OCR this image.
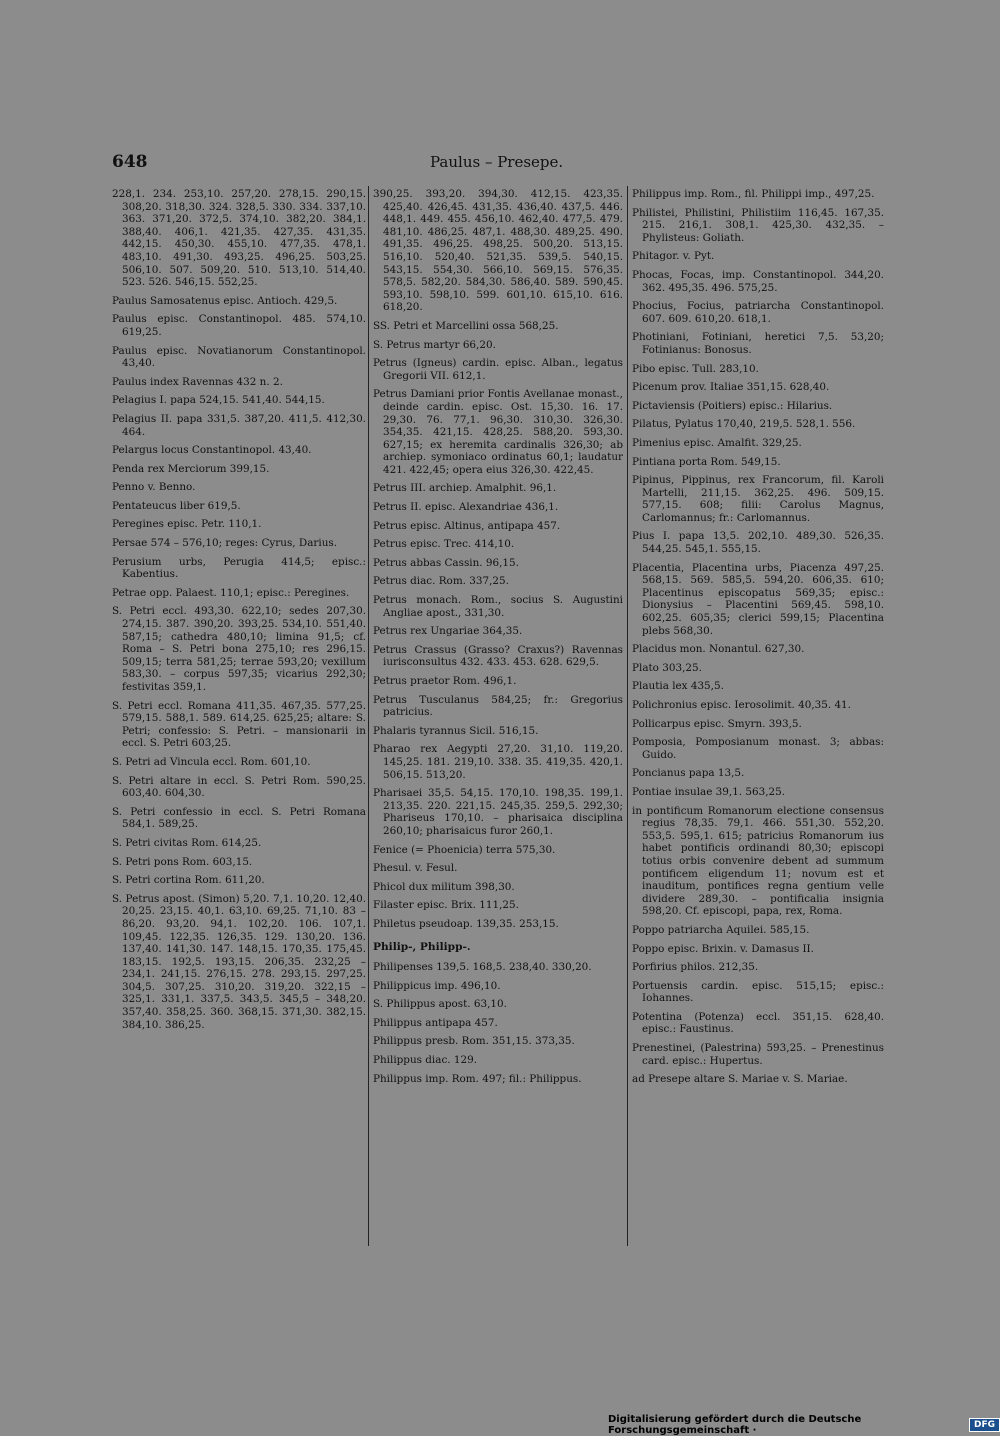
648	Paulus – Presepe.
228,1. 234. 253,10. 257,20. 278,15. 290,15. 308,20. 318,30. 324. 328,5. 330. 334. 337,10. 363. 371,20. 372,5. 374,10. 382,20. 384,1. 388,40. 406,1. 421,35. 427,35. 431,35. 442,15. 450,30. 455,10. 477,35. 478,1. 483,10. 491,30. 493,25. 496,25. 503,25. 506,10. 507. 509,20. 510. 513,10. 514,40. 523. 526. 546,15. 552,25.
Paulus Samosatenus episc. Antioch. 429,5.
Paulus episc. Constantinopol. 485. 574,10. 619,25.
Paulus episc. Novatianorum Constantinopol. 43,40.
Paulus index Ravennas 432 n. 2.
Pelagius I. papa 524,15. 541,40. 544,15.
Pelagius II. papa 331,5. 387,20. 411,5. 412,30. 464.
Pelargus locus Constantinopol. 43,40.
Penda rex Merciorum 399,15.
Penno v. Benno.
Pentateucus liber 619,5.
Peregines episc. Petr. 110,1.
Persae 574 – 576,10; reges: Cyrus, Darius.
Perusium urbs, Perugia 414,5; episc.: Kabentius.
Petrae opp. Palaest. 110,1; episc.: Peregines.
S. Petri eccl. 493,30. 622,10; sedes 207,30. 274,15. 387. 390,20. 393,25. 534,10. 551,40. 587,15; cathedra 480,10; limina 91,5; cf. Roma – S. Petri bona 275,10; res 296,15. 509,15; terra 581,25; terrae 593,20; vexillum 583,30. – corpus 597,35; vicarius 292,30; festivitas 359,1.
S. Petri eccl. Romana 411,35. 467,35. 577,25. 579,15. 588,1. 589. 614,25. 625,25; altare: S. Petri; confessio: S. Petri. – mansionarii in eccl. S. Petri 603,25.
S. Petri ad Vincula eccl. Rom. 601,10.
S. Petri altare in eccl. S. Petri Rom. 590,25. 603,40. 604,30.
S. Petri confessio in eccl. S. Petri Romana 584,1. 589,25.
S. Petri civitas Rom. 614,25.
S. Petri pons Rom. 603,15.
S. Petri cortina Rom. 611,20.
S. Petrus apost. (Simon) 5,20. 7,1. 10,20. 12,40. 20,25. 23,15. 40,1. 63,10. 69,25. 71,10. 83 – 86,20. 93,20. 94,1. 102,20. 106. 107,1. 109,45. 122,35. 126,35. 129. 130,20. 136. 137,40. 141,30. 147. 148,15. 170,35. 175,45. 183,15. 192,5. 193,15. 206,35. 232,25 – 234,1. 241,15. 276,15. 278. 293,15. 297,25. 304,5. 307,25. 310,20. 319,20. 322,15 – 325,1. 331,1. 337,5. 343,5. 345,5 – 348,20. 357,40. 358,25. 360. 368,15. 371,30. 382,15. 384,10. 386,25.
390,25. 393,20. 394,30. 412,15. 423,35. 425,40. 426,45. 431,35. 436,40. 437,5. 446. 448,1. 449. 455. 456,10. 462,40. 477,5. 479. 481,10. 486,25. 487,1. 488,30. 489,25. 490. 491,35. 496,25. 498,25. 500,20. 513,15. 516,10. 520,40. 521,35. 539,5. 540,15. 543,15. 554,30. 566,10. 569,15. 576,35. 578,5. 582,20. 584,30. 586,40. 589. 590,45. 593,10. 598,10. 599. 601,10. 615,10. 616. 618,20.
SS. Petri et Marcellini ossa 568,25.
S. Petrus martyr 66,20.
Petrus (Igneus) cardin. episc. Alban., legatus Gregorii VII. 612,1.
Petrus Damiani prior Fontis Avellanae monast., deinde cardin. episc. Ost. 15,30. 16. 17. 29,30. 76. 77,1. 96,30. 310,30. 326,30. 354,35. 421,15. 428,25. 588,20. 593,30. 627,15; ex heremita cardinalis 326,30; ab archiep. symoniaco ordinatus 60,1; laudatur 421. 422,45; opera eius 326,30. 422,45.
Petrus III. archiep. Amalphit. 96,1.
Petrus II. episc. Alexandriae 436,1.
Petrus episc. Altinus, antipapa 457.
Petrus episc. Trec. 414,10.
Petrus abbas Cassin. 96,15.
Petrus diac. Rom. 337,25.
Petrus monach. Rom., socius S. Augustini Angliae apost., 331,30.
Petrus rex Ungariae 364,35.
Petrus Crassus (Grasso? Craxus?) Ravennas iurisconsultus 432. 433. 453. 628. 629,5.
Petrus praetor Rom. 496,1.
Petrus Tusculanus 584,25; fr.: Gregorius patricius.
Phalaris tyrannus Sicil. 516,15.
Pharao rex Aegypti 27,20. 31,10. 119,20. 145,25. 181. 219,10. 338. 35. 419,35. 420,1. 506,15. 513,20.
Pharisaei 35,5. 54,15. 170,10. 198,35. 199,1. 213,35. 220. 221,15. 245,35. 259,5. 292,30; Phariseus 170,10. – pharisaica disciplina 260,10; pharisaicus furor 260,1.
Fenice (= Phoenicia) terra 575,30.
Phesul. v. Fesul.
Phicol dux militum 398,30.
Filaster episc. Brix. 111,25.
Philetus pseudoap. 139,35. 253,15.
Philip-, Philipp-.
Philipenses 139,5. 168,5. 238,40. 330,20.
Philippicus imp. 496,10.
S. Philippus apost. 63,10.
Philippus antipapa 457.
Philippus presb. Rom. 351,15. 373,35.
Philippus diac. 129.
Philippus imp. Rom. 497; fil.: Philippus.
Philippus imp. Rom., fil. Philippi imp., 497,25.
Philistei, Philistini, Philistiim 116,45. 167,35. 215. 216,1. 308,1. 425,30. 432,35. – Phylisteus: Goliath.
Phitagor. v. Pyt.
Phocas, Focas, imp. Constantinopol. 344,20. 362. 495,35. 496. 575,25.
Phocius, Focius, patriarcha Constantinopol. 607. 609. 610,20. 618,1.
Photiniani, Fotiniani, heretici 7,5. 53,20; Fotinianus: Bonosus.
Pibo episc. Tull. 283,10.
Picenum prov. Italiae 351,15. 628,40.
Pictaviensis (Poitiers) episc.: Hilarius.
Pilatus, Pylatus 170,40, 219,5. 528,1. 556.
Pimenius episc. Amalfit. 329,25.
Pintiana porta Rom. 549,15.
Pipinus, Pippinus, rex Francorum, fil. Karoli Martelli, 211,15. 362,25. 496. 509,15. 577,15. 608; filii: Carolus Magnus, Carlomannus; fr.: Carlomannus.
Pius I. papa 13,5. 202,10. 489,30. 526,35. 544,25. 545,1. 555,15.
Placentia, Placentina urbs, Piacenza 497,25. 568,15. 569. 585,5. 594,20. 606,35. 610; Placentinus episcopatus 569,35; episc.: Dionysius – Placentini 569,45. 598,10. 602,25. 605,35; clerici 599,15; Placentina plebs 568,30.
Placidus mon. Nonantul. 627,30.
Plato 303,25.
Plautia lex 435,5.
Polichronius episc. Ierosolimit. 40,35. 41.
Pollicarpus episc. Smyrn. 393,5.
Pomposia, Pomposianum monast. 3; abbas: Guido.
Poncianus papa 13,5.
Pontiae insulae 39,1. 563,25.
in pontificum Romanorum electione consensus regius 78,35. 79,1. 466. 551,30. 552,20. 553,5. 595,1. 615; patricius Romanorum ius habet pontificis ordinandi 80,30; episcopi totius orbis convenire debent ad summum pontificem eligendum 11; novum est et inauditum, pontifices regna gentium velle dividere 289,30. – pontificalia insignia 598,20. Cf. episcopi, papa, rex, Roma.
Poppo patriarcha Aquilei. 585,15.
Poppo episc. Brixin. v. Damasus II.
Porfirius philos. 212,35.
Portuensis cardin. episc. 515,15; episc.: Iohannes.
Potentina (Potenza) eccl. 351,15. 628,40. episc.: Faustinus.
Prenestinei, (Palestrina) 593,25. – Prenestinus card. episc.: Hupertus.
ad Presepe altare S. Mariae v. S. Mariae.
Digitalisierung gefördert durch die Deutsche Forschungsgemeinschaft ·	DFG
